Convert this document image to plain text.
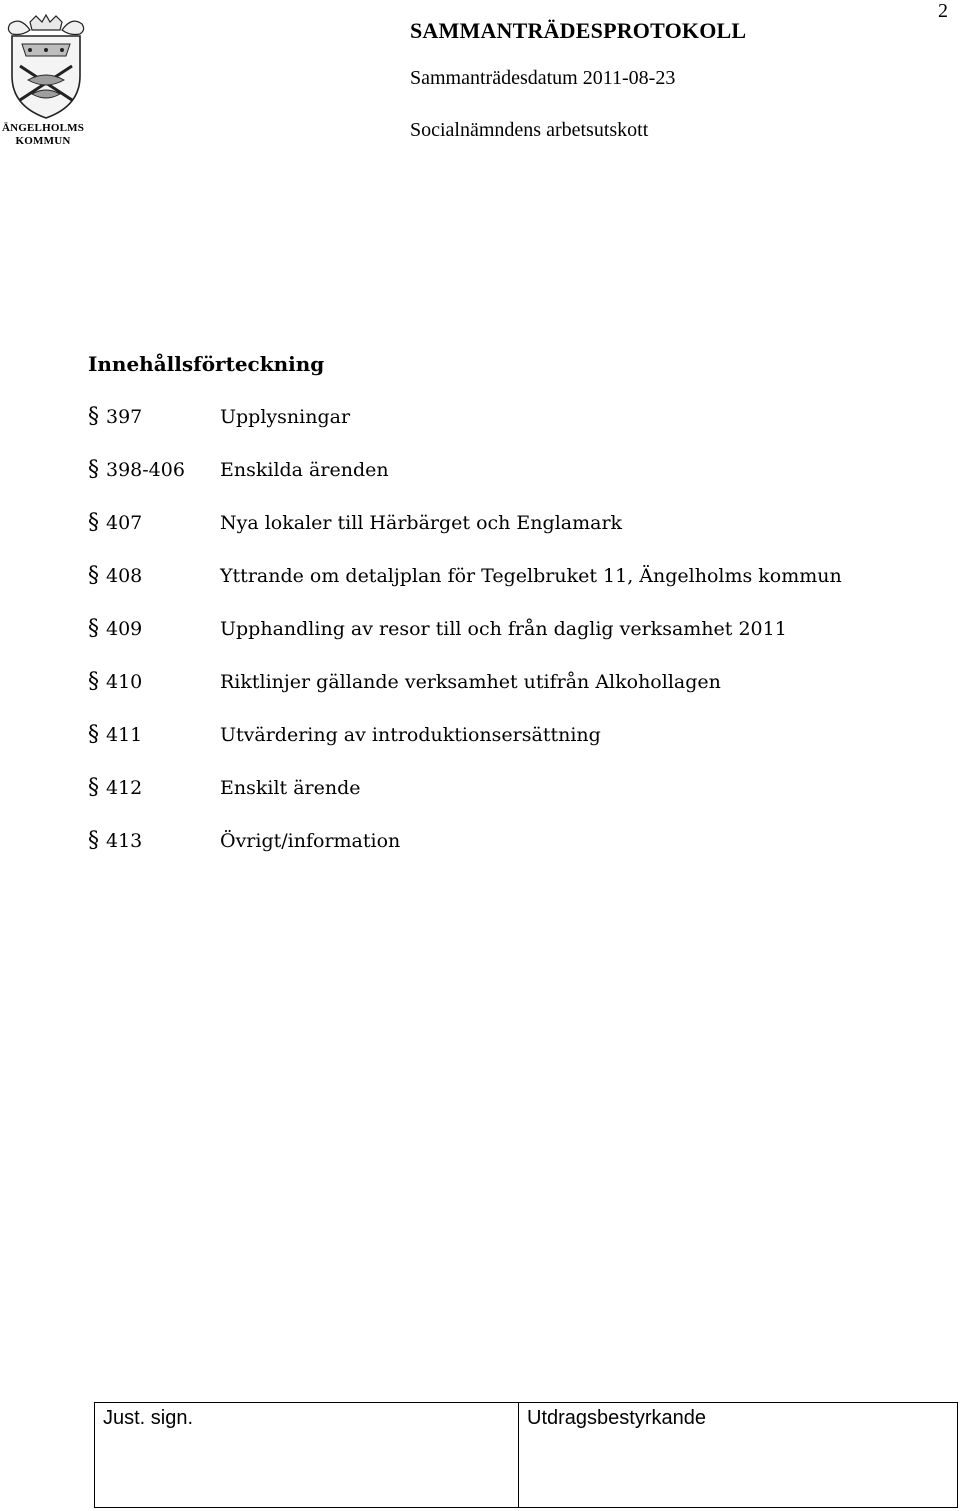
2
ÄNGELHOLMS
KOMMUN
SAMMANTRÄDESPROTOKOLL
Sammanträdesdatum 2011-08-23
Socialnämndens arbetsutskott
Innehållsförteckning
§ 397	Upplysningar
§ 398-406 Enskilda ärenden
§ 407	Nya lokaler till Härbärget och Englamark
§ 408	Yttrande om detaljplan för Tegelbruket 11, Ängelholms kommun
§ 409	Upphandling av resor till och från daglig verksamhet 2011
§ 410	Riktlinjer gällande verksamhet utifrån Alkohollagen
§ 411	Utvärdering av introduktionsersättning
§ 412	Enskilt ärende
§ 413	Övrigt/information
Just. sign.	Utdragsbestyrkande
